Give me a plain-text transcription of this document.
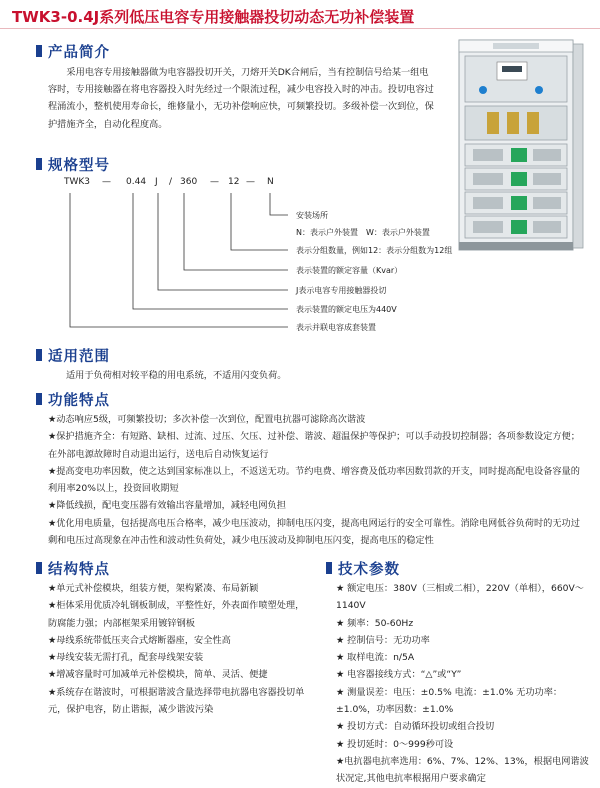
TWK3-0.4J系列低压电容专用接触器投切动态无功补偿装置
产品简介
采用电容专用接触器做为电容器投切开关，刀熔开关DK合闸后，当有控制信号给某一组电容时，专用接触器在将电容器投入时先经过一个限流过程，减少电容投入时的冲击。投切电容过程涌流小，整机使用寿命长，维修量小，无功补偿响应快，可频繁投切。多级补偿一次到位，保护措施齐全，自动化程度高。
规格型号
TWK3 — 0.44 J / 360 — 12 — N
安装场所
N：表示户外装置　W：表示户外装置
表示分组数量，例如12：表示分组数为12组
表示装置的额定容量（Kvar）
J表示电容专用接触器投切
表示装置的额定电压为440V
表示并联电容成套装置
适用范围
适用于负荷相对较平稳的用电系统，不适用闪变负荷。
功能特点
★动态响应5级，可频繁投切；多次补偿一次到位，配置电抗器可滤除高次谐波
★保护措施齐全：有短路、缺相、过流、过压、欠压、过补偿、谐波、超温保护等保护；可以手动投切控制器；各项参数设定方便；在外部电源故障时自动退出运行，送电后自动恢复运行
★提高变电功率因数，使之达到国家标准以上，不返送无功。节约电费、增容费及低功率因数罚款的开支，同时提高配电设备容量的利用率20%以上，投资回收期短
★降低线损，配电变压器有效输出容量增加，减轻电网负担
★优化用电质量，包括提高电压合格率，减少电压波动，抑制电压闪变，提高电网运行的安全可靠性。消除电网低谷负荷时的无功过剩和电压过高现象在冲击性和波动性负荷处，减少电压波动及抑制电压闪变，提高电压的稳定性
结构特点
★单元式补偿模块，组装方便，架构紧凑、布局新颖
★柜体采用优质冷轧钢板制成，平整性好，外表面作喷塑处理，防腐能力强；内部框架采用镀锌钢板
★母线系统带低压夹合式熔断器座，安全性高
★母线安装无需打孔，配套母线架安装
★增减容量时可加减单元补偿模块，简单、灵活、便捷
★系统存在谐波时，可根据谐波含量选择带电抗器电容器投切单元，保护电容，防止谐振，减少谐波污染
技术参数
★ 额定电压：380V（三相或二相），220V（单相），660V～1140V
★ 频率：50-60Hz
★ 控制信号：无功功率
★ 取样电流：n/5A
★ 电容器接线方式：“△”或“Y”
★ 测量误差：电压：±0.5% 电流：±1.0% 无功功率：±1.0%，功率因数：±1.0%
★ 投切方式：自动循环投切或组合投切
★ 投切延时：0～999秒可设
★电抗器电抗率选用：6%、7%、12%、13%，根据电网谐波状况定,其他电抗率根据用户要求确定
